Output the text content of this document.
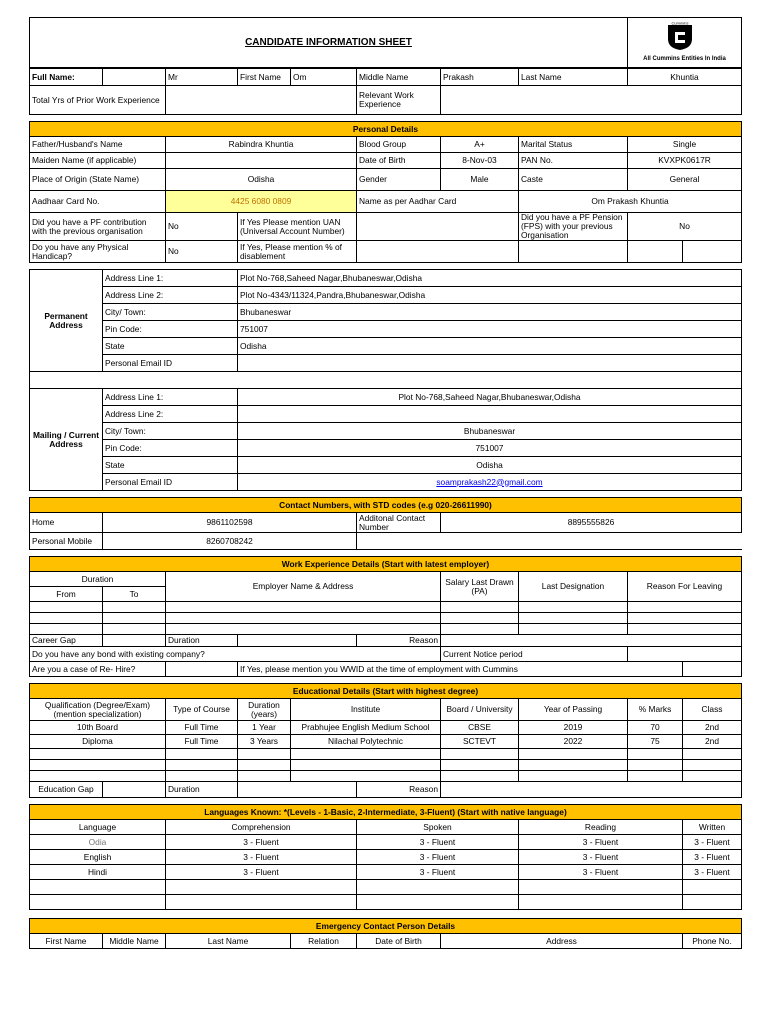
CANDIDATE INFORMATION SHEET	
Cummins
All Cummins Entities In India
Full Name:		Mr	First Name	Om	Middle Name	Prakash	Last Name	Khuntia	
Total Yrs of Prior Work Experience					Relevant Work Experience				

Personal Details									
Father/Husband's Name		Rabindra Khuntia			Blood Group	A+	Marital Status	Single	
Maiden Name (if applicable)					Date of Birth	8-Nov-03	PAN No.	KVXPK0617R	
Place of Origin (State Name)		Odisha			Gender	Male	Caste	General	
Aadhaar Card No.		4425 6080 0809			Name as per Aadhar Card		Om Prakash Khuntia		
Did you have a PF contribution with the previous organisation		No	If Yes Please mention UAN (Universal Account Number)				Did you have a PF Pension (FPS) with your previous Organisation	No	
Do you have any Physical Handicap?		No	If Yes, Please mention % of disablement						

Permanent Address	Address Line 1:		Plot No-768,Saheed Nagar,Bhubaneswar,Odisha						
	Address Line 2:		Plot No-4343/11324,Pandra,Bhubaneswar,Odisha						
	City/ Town:		Bhubaneswar						
	Pin Code:		751007						
	State		Odisha						
	Personal Email ID								

Mailing / Current Address	Address Line 1:		Plot No-768,Saheed Nagar,Bhubaneswar,Odisha						
	Address Line 2:								
	City/ Town:		Bhubaneswar						
	Pin Code:		751007						
	State		Odisha						
	Personal Email ID		soamprakash22@gmail.com						

Contact Numbers, with STD codes (e.g 020-26611990)									
Home	9861102598				Additonal Contact Number	8895555826			
Personal Mobile	8260708242								

Work Experience Details (Start with latest employer)									
Duration		Employer Name & Address				Salary Last Drawn (PA)	Last Designation	Reason For Leaving	
From	To								

Career Gap		Duration			Reason				
Do you have any bond with existing company?						Current Notice period			
Are you a case of Re- Hire?			If Yes, please mention you WWID at the time of employment with Cummins						

Educational Details (Start with highest degree)									
Qualification (Degree/Exam) (mention specialization)		Type of Course	Duration (years)	Institute		Board / University	Year of Passing	% Marks	Class
10th Board		Full Time	1 Year	Prabhujee English Medium School		CBSE	2019	70	2nd
Diploma		Full Time	3 Years	Nilachal Polytechnic		SCTEVT	2022	75	2nd

Education Gap		Duration			Reason				

Languages Known: *(Levels - 1-Basic, 2-Intermediate, 3-Fluent) (Start with native language)									
Language		Comprehension			Spoken		Reading		Written
Odia		3 - Fluent			3 - Fluent		3 - Fluent		3 - Fluent
English		3 - Fluent			3 - Fluent		3 - Fluent		3 - Fluent
Hindi		3 - Fluent			3 - Fluent		3 - Fluent		3 - Fluent

Emergency Contact Person Details									
First Name	Middle Name	Last Name		Relation	Date of Birth	Address			Phone No.
